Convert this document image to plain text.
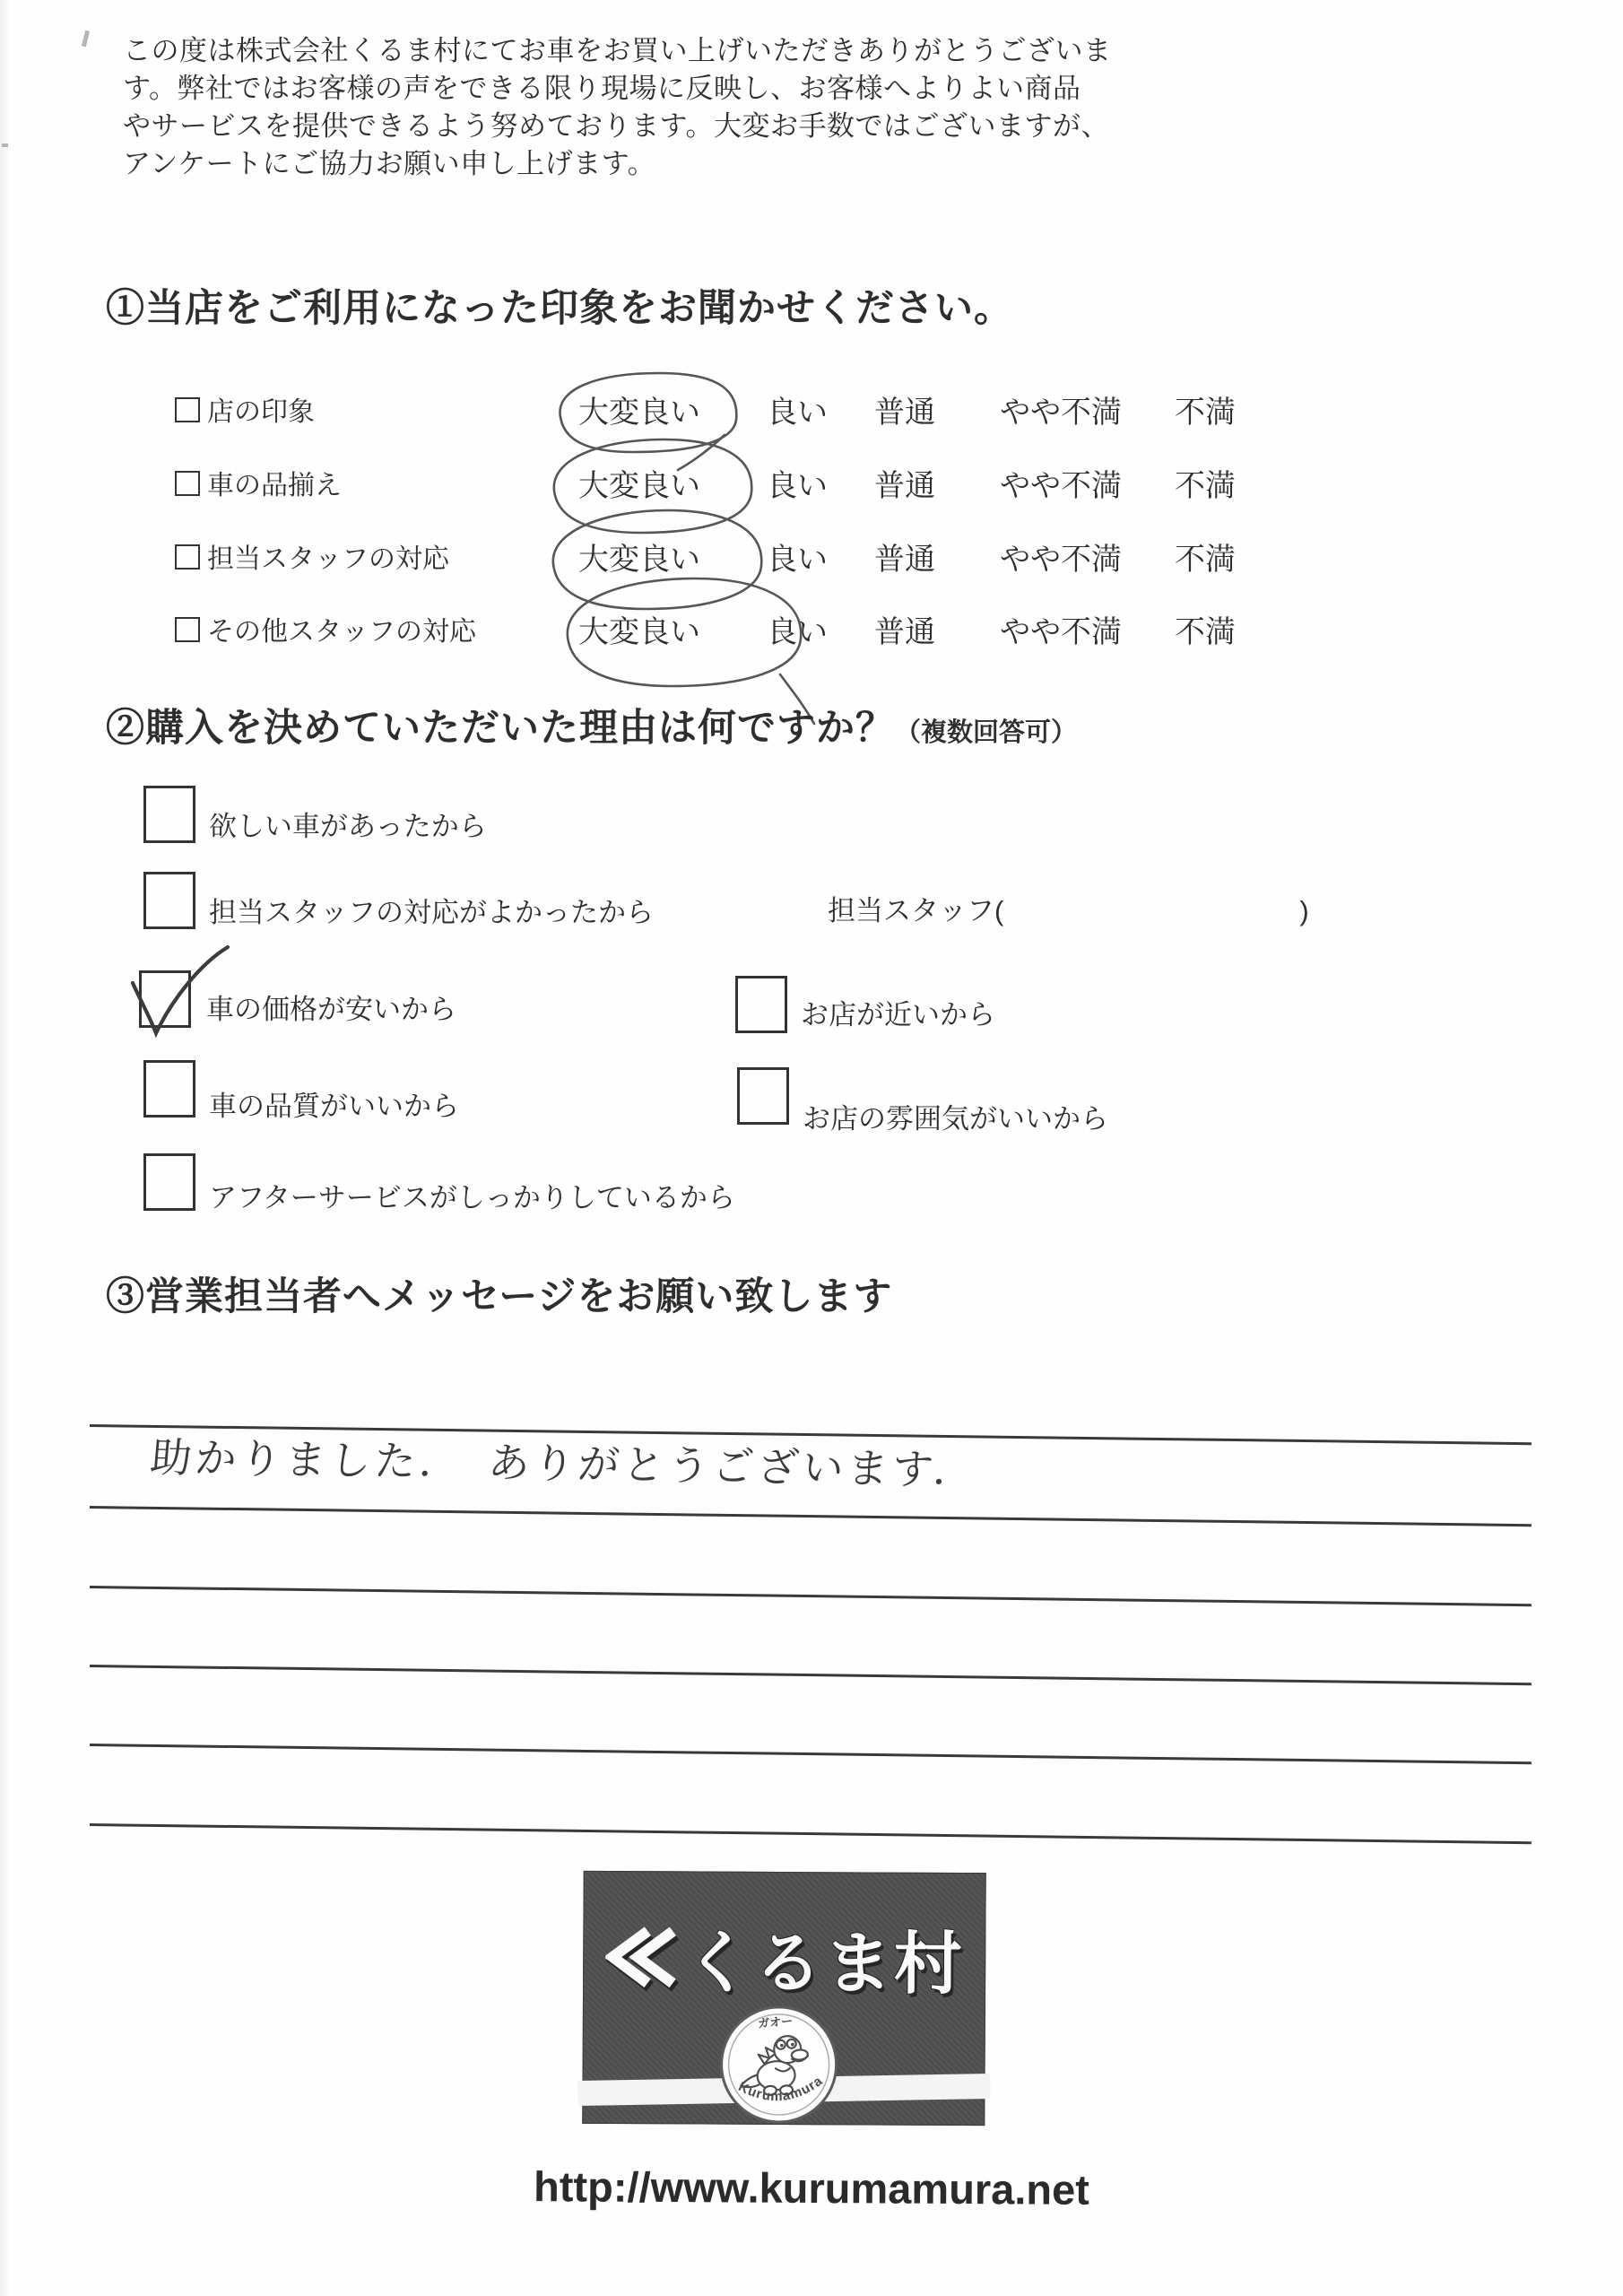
この度は株式会社くるま村にてお車をお買い上げいただきありがとうございま
す。弊社ではお客様の声をできる限り現場に反映し、お客様へよりよい商品
やサービスを提供できるよう努めております。大変お手数ではございますが、
アンケートにご協力お願い申し上げます。
①当店をご利用になった印象をお聞かせください。
店の印象	大変良い 良い 普通 やや不満 不満
車の品揃え	大変良い 良い 普通 やや不満 不満
担当スタッフの対応	大変良い 良い 普通 やや不満 不満
その他スタッフの対応	大変良い 良い 普通 やや不満 不満
②購入を決めていただいた理由は何ですか？（複数回答可）
欲しい車があったから
担当スタッフの対応がよかったから	担当スタッフ(	)
車の価格が安いから	お店が近いから
車の品質がいいから	お店の雰囲気がいいから
アフターサービスがしっかりしているから
③営業担当者へメッセージをお願い致します
助かりました．　ありがとうございます．
くるま村
ガオー
Kurumamura
http://www.kurumamura.net
